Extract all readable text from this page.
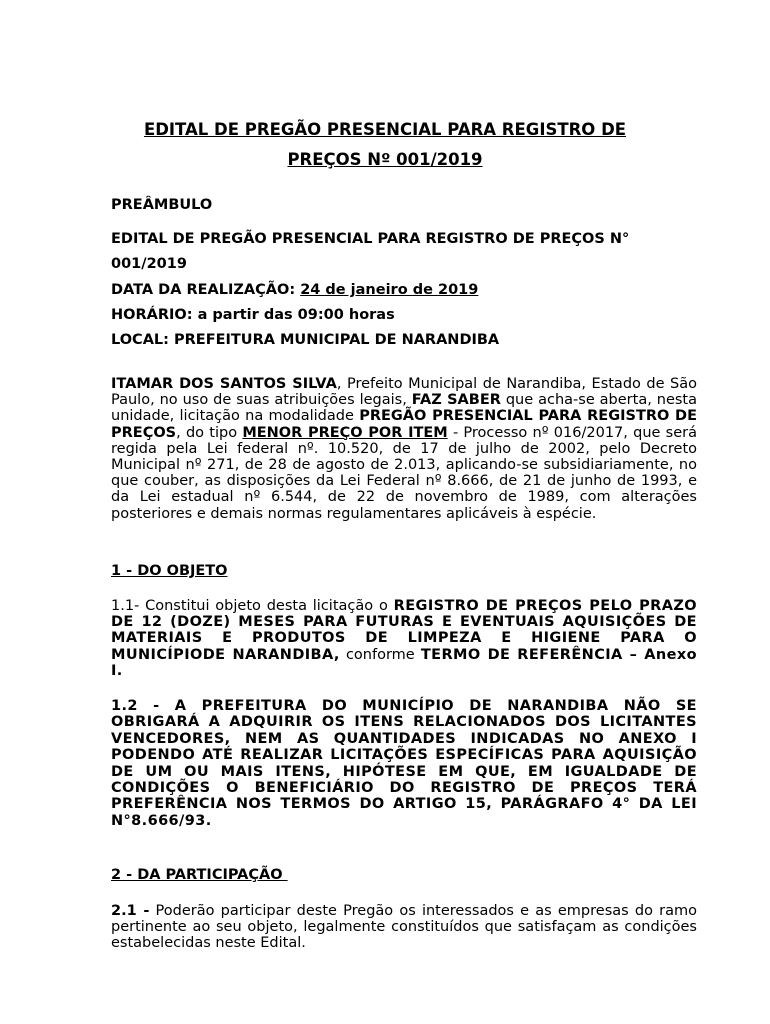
EDITAL DE PREGÃO PRESENCIAL PARA REGISTRO DE
PREÇOS Nº 001/2019
PREÂMBULO
EDITAL DE PREGÃO PRESENCIAL PARA REGISTRO DE PREÇOS N°
001/2019
DATA DA REALIZAÇÃO: 24 de janeiro de 2019
HORÁRIO: a partir das 09:00 horas
LOCAL: PREFEITURA MUNICIPAL DE NARANDIBA
ITAMAR DOS SANTOS SILVA, Prefeito Municipal de Narandiba, Estado de São Paulo, no uso de suas atribuições legais, FAZ SABER que acha-se aberta, nesta unidade, licitação na modalidade PREGÃO PRESENCIAL PARA REGISTRO DE PREÇOS, do tipo MENOR PREÇO POR ITEM - Processo nº 016/2017, que será regida pela Lei federal nº. 10.520, de 17 de julho de 2002, pelo Decreto Municipal nº 271, de 28 de agosto de 2.013, aplicando-se subsidiariamente, no que couber, as disposições da Lei Federal nº 8.666, de 21 de junho de 1993, e da Lei estadual nº 6.544, de 22 de novembro de 1989, com alterações posteriores e demais normas regulamentares aplicáveis à espécie.
1 - DO OBJETO
1.1- Constitui objeto desta licitação o REGISTRO DE PREÇOS PELO PRAZO DE 12 (DOZE) MESES PARA FUTURAS E EVENTUAIS AQUISIÇÕES DE MATERIAIS E PRODUTOS DE LIMPEZA E HIGIENE PARA O MUNICÍPIODE NARANDIBA, conforme TERMO DE REFERÊNCIA – Anexo I.
1.2 - A PREFEITURA DO MUNICÍPIO DE NARANDIBA NÃO SE OBRIGARÁ A ADQUIRIR OS ITENS RELACIONADOS DOS LICITANTES VENCEDORES, NEM AS QUANTIDADES INDICADAS NO ANEXO I PODENDO ATÉ REALIZAR LICITAÇÕES ESPECÍFICAS PARA AQUISIÇÃO DE UM OU MAIS ITENS, HIPÓTESE EM QUE, EM IGUALDADE DE CONDIÇÕES O BENEFICIÁRIO DO REGISTRO DE PREÇOS TERÁ PREFERÊNCIA NOS TERMOS DO ARTIGO 15, PARÁGRAFO 4° DA LEI N°8.666/93.
2 - DA PARTICIPAÇÃO
2.1 - Poderão participar deste Pregão os interessados e as empresas do ramo pertinente ao seu objeto, legalmente constituídos que satisfaçam as condições estabelecidas neste Edital.
